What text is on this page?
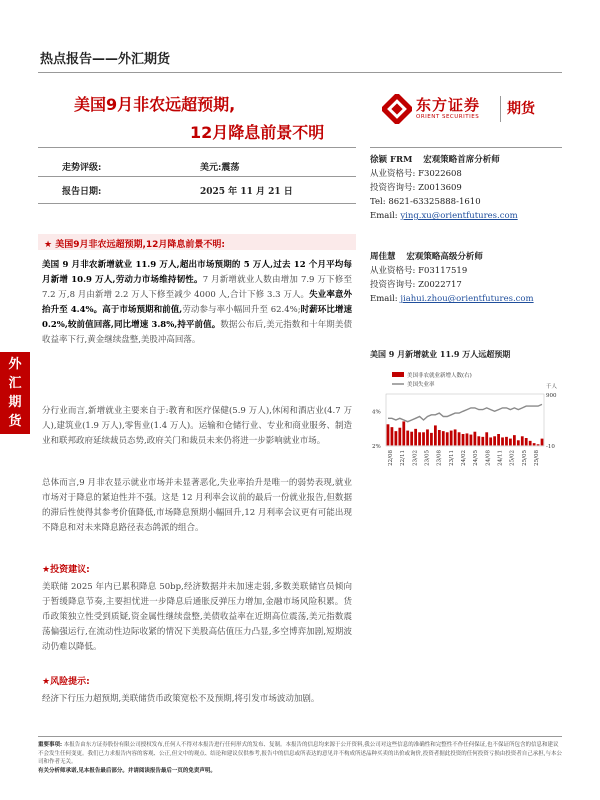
热点报告——外汇期货
美国9月非农远超预期,
12月降息前景不明
东方证券
ORIENT SECURITIES 期货
走势评级:	美元:震荡
报告日期:	2025 年 11 月 21 日
徐颖 FRM 宏观策略首席分析师
从业资格号: F3022608
投资咨询号: Z0013609
Tel: 8621-63325888-1610
Email: ying.xu@orientfutures.com
周佳慧 宏观策略高级分析师
从业资格号: F03117519
投资咨询号: Z0022717
Email: jiahui.zhou@orientfutures.com
外
汇
期
货
★ 美国9月非农远超预期,12月降息前景不明:
美国 9 月非农新增就业 11.9 万人,超出市场预期的 5 万人,过去 12 个月平均每月新增 10.9 万人,劳动力市场维持韧性。7 月新增就业人数由增加 7.9 万下修至 7.2 万,8 月由新增 2.2 万人下修至减少 4000 人,合计下修 3.3 万人。失业率意外抬升至 4.4%。高于市场预期和前值,劳动参与率小幅回升至 62.4%;时薪环比增速 0.2%,较前值回落,同比增速 3.8%,持平前值。数据公布后,美元指数和十年期美债收益率下行,黄金继续盘整,美股冲高回落。
分行业而言,新增就业主要来自于:教育和医疗保健(5.9 万人),休闲和酒店业(4.7 万人),建筑业(1.9 万人),零售业(1.4 万人)。运输和仓储行业、专业和商业服务、制造业和联邦政府延续裁员态势,政府关门和裁员未来仍将进一步影响就业市场。
总体而言,9 月非农显示就业市场并未显著恶化,失业率抬升是唯一的弱势表现,就业市场对于降息的紧迫性并不强。这是 12 月利率会议前的最后一份就业报告,但数据的滞后性使得其参考价值降低,市场降息预期小幅回升,12 月利率会议更有可能出现不降息和对未来降息路径表态鸽派的组合。
★投资建议:
美联储 2025 年内已累积降息 50bp,经济数据并未加速走弱,多数美联储官员倾向于暂缓降息节奏,主要担忧进一步降息后通胀反弹压力增加,金融市场风险积累。货币政策独立性受到质疑,资金属性继续盘整,美债收益率在近期高位震荡,美元指数震荡偏强运行,在流动性边际收紧的情况下美股高估值压力凸显,多空博弈加剧,短期波动仍难以降低。
★风险提示:
经济下行压力超预期,美联储货币政策宽松不及预期,将引发市场波动加剧。
美国 9 月新增就业 11.9 万人远超预期
美国非农就业新增人数(右)
美国失业率	千人
4%
2%
900
-10
22/08 22/11 23/02 23/05 23/08 23/11 24/02 24/05 24/08 24/11 25/02 25/05 25/08
重要事项: 本报告由东方证券股份有限公司授权发布,任何人不得对本报告进行任何形式的发布、复制。本报告的信息均来源于公开资料,我公司对这些信息的准确性和完整性不作任何保证,也不保证所包含的信息和建议不会发生任何变更。我们已力求报告内容的客观、公正,但文中的观点、结论和建议仅供参考,报告中的信息或所表达的意见并不构成所述品种买卖的出价或询价,投资者据此投资的任何投资亏损由投资者自己承担,与本公司和作者无关。
有关分析师承诺,见本报告最后部分。并请阅读报告最后一页的免责声明。
